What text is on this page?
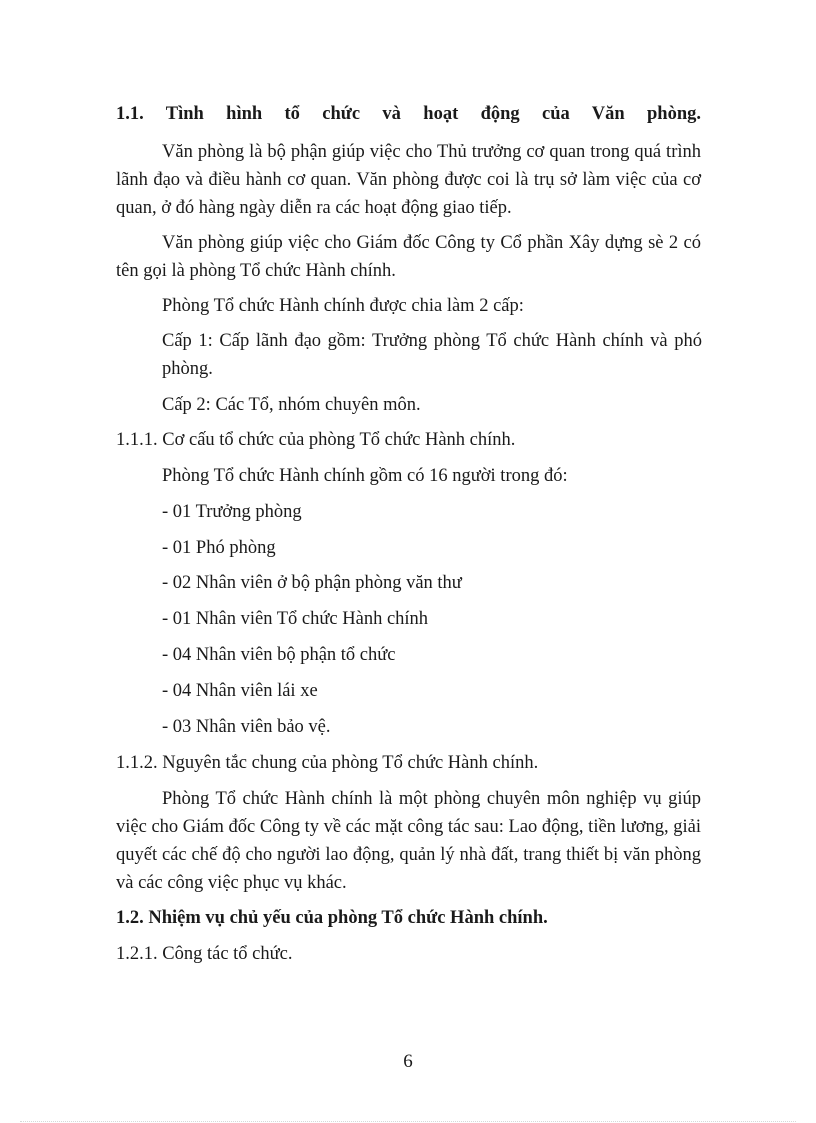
1.1. Tình hình tổ chức và hoạt động của Văn phòng.

Văn phòng là bộ phận giúp việc cho Thủ trưởng cơ quan trong quá trình lãnh đạo và điều hành cơ quan. Văn phòng được coi là trụ sở làm việc của cơ quan, ở đó hàng ngày diễn ra các hoạt động giao tiếp.

Văn phòng giúp việc cho Giám đốc Công ty Cổ phần Xây dựng sè 2 có tên gọi là phòng Tổ chức Hành chính.

Phòng Tổ chức Hành chính được chia làm 2 cấp:

Cấp 1: Cấp lãnh đạo gồm: Trưởng phòng Tổ chức Hành chính và phó phòng.

Cấp 2: Các Tổ, nhóm chuyên môn.

1.1.1. Cơ cấu tổ chức của phòng Tổ chức Hành chính.

Phòng Tổ chức Hành chính gồm có 16 người trong đó:

- 01 Trưởng phòng

- 01 Phó phòng

- 02 Nhân viên ở bộ phận phòng văn thư

- 01 Nhân viên Tổ chức Hành chính

- 04 Nhân viên bộ phận tổ chức

- 04 Nhân viên lái xe

- 03 Nhân viên bảo vệ.

1.1.2. Nguyên tắc chung của phòng Tổ chức Hành chính.

Phòng Tổ chức Hành chính là một phòng chuyên môn nghiệp vụ giúp việc cho Giám đốc Công ty về các mặt công tác sau: Lao động, tiền lương, giải quyết các chế độ cho người lao động, quản lý nhà đất, trang thiết bị văn phòng và các công việc phục vụ khác.

1.2. Nhiệm vụ chủ yếu của phòng Tổ chức Hành chính.

1.2.1. Công tác tổ chức.

6
